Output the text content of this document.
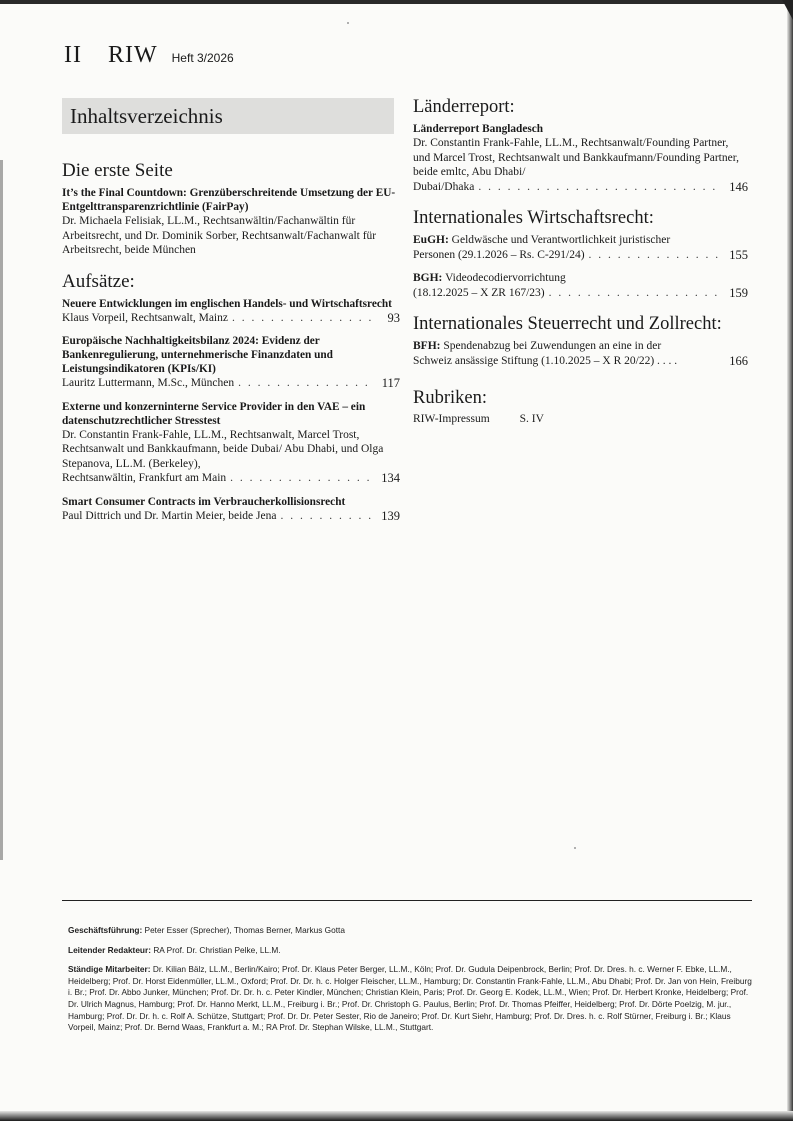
II RIW Heft 3/2026
Inhaltsverzeichnis
Die erste Seite
It’s the Final Countdown: Grenzüberschreitende Umsetzung der EU-Entgelttransparenzrichtlinie (FairPay)
Dr. Michaela Felisiak, LL.M., Rechtsanwältin/Fachanwältin für Arbeitsrecht, und Dr. Dominik Sorber, Rechtsanwalt/Fachanwalt für Arbeitsrecht, beide München
Aufsätze:
Neuere Entwicklungen im englischen Handels- und Wirtschaftsrecht
Klaus Vorpeil, Rechtsanwalt, Mainz . . .	93
Europäische Nachhaltigkeitsbilanz 2024: Evidenz der Bankenregulierung, unternehmerische Finanzdaten und Leistungsindikatoren (KPIs/KI)
Lauritz Luttermann, M.Sc., München . . .	117
Externe und konzerninterne Service Provider in den VAE – ein datenschutzrechtlicher Stresstest
Dr. Constantin Frank-Fahle, LL.M., Rechtsanwalt, Marcel Trost, Rechtsanwalt und Bankkaufmann, beide Dubai/ Abu Dhabi, und Olga Stepanova, LL.M. (Berkeley),
Rechtsanwältin, Frankfurt am Main . . .	134
Smart Consumer Contracts im Verbraucherkollisionsrecht
Paul Dittrich und Dr. Martin Meier, beide Jena . . .	139
Länderreport:
Länderreport Bangladesch
Dr. Constantin Frank-Fahle, LL.M., Rechtsanwalt/Founding Partner, und Marcel Trost, Rechtsanwalt und Bankkaufmann/Founding Partner, beide emltc, Abu Dhabi/
Dubai/Dhaka . . .	146
Internationales Wirtschaftsrecht:
EuGH: Geldwäsche und Verantwortlichkeit juristischer
Personen (29.1.2026 – Rs. C-291/24) . . .	155
BGH: Videodecodiervorrichtung
(18.12.2025 – X ZR 167/23) . . .	159
Internationales Steuerrecht und Zollrecht:
BFH: Spendenabzug bei Zuwendungen an eine in der
Schweiz ansässige Stiftung (1.10.2025 – X R 20/22) . . . .	166
Rubriken:
RIW-Impressum	S. IV

Geschäftsführung: Peter Esser (Sprecher), Thomas Berner, Markus Gotta

Leitender Redakteur: RA Prof. Dr. Christian Pelke, LL.M.

Ständige Mitarbeiter: Dr. Kilian Bälz, LL.M., Berlin/Kairo; Prof. Dr. Klaus Peter Berger, LL.M., Köln; Prof. Dr. Gudula Deipenbrock, Berlin; Prof. Dr. Dres. h. c. Werner F. Ebke, LL.M., Heidelberg; Prof. Dr. Horst Eidenmüller, LL.M., Oxford; Prof. Dr. Dr. h. c. Holger Fleischer, LL.M., Hamburg; Dr. Constantin Frank-Fahle, LL.M., Abu Dhabi; Prof. Dr. Jan von Hein, Freiburg i. Br.; Prof. Dr. Abbo Junker, München; Prof. Dr. Dr. h. c. Peter Kindler, München; Christian Klein, Paris; Prof. Dr. Georg E. Kodek, LL.M., Wien; Prof. Dr. Herbert Kronke, Heidelberg; Prof. Dr. Ulrich Magnus, Hamburg; Prof. Dr. Hanno Merkt, LL.M., Freiburg i. Br.; Prof. Dr. Christoph G. Paulus, Berlin; Prof. Dr. Thomas Pfeiffer, Heidelberg; Prof. Dr. Dörte Poelzig, M. jur., Hamburg; Prof. Dr. Dr. h. c. Rolf A. Schütze, Stuttgart; Prof. Dr. Dr. Peter Sester, Rio de Janeiro; Prof. Dr. Kurt Siehr, Hamburg; Prof. Dr. Dres. h. c. Rolf Stürner, Freiburg i. Br.; Klaus Vorpeil, Mainz; Prof. Dr. Bernd Waas, Frankfurt a. M.; RA Prof. Dr. Stephan Wilske, LL.M., Stuttgart.
